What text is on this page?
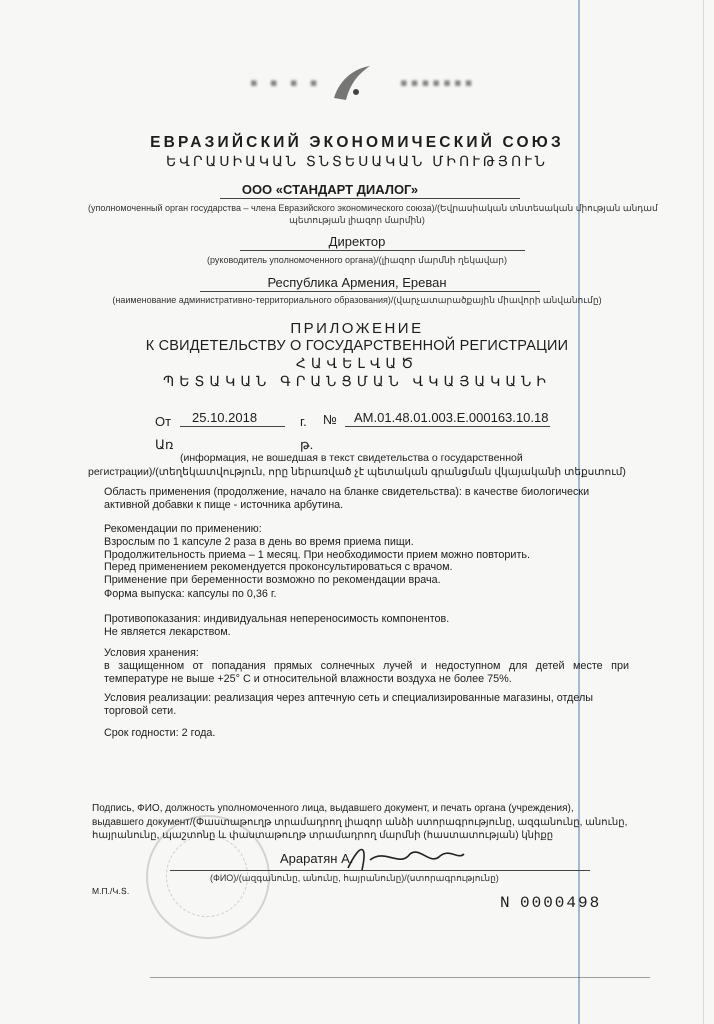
▪ ▪ ▪ ▪	▪▪▪▪▪▪▪
ЕВРАЗИЙСКИЙ ЭКОНОМИЧЕСКИЙ СОЮЗ
ԵՎՐԱՍԻԱԿԱՆ ՏՆՏԵՍԱԿԱՆ ՄԻՈՒԹՅՈՒՆ
ООО «СТАНДАРТ ДИАЛОГ»
(уполномоченный орган государства – члена Евразийского экономического союза)/(Եվրասիական տնտեսական միության անդամ
պետության լիազոր մարմին)
Директор
(руководитель уполномоченного органа)/(լիազոր մարմնի ղեկավար)
Республика Армения, Ереван
(наименование административно-территориального образования)/(վարչատարածքային միավորի անվանումը)
ПРИЛОЖЕНИЕ
К СВИДЕТЕЛЬСТВУ О ГОСУДАРСТВЕННОЙ РЕГИСТРАЦИИ
ՀԱՎԵԼՎԱԾ
ՊԵՏԱԿԱՆ ԳՐԱՆՑՄԱՆ ՎԿԱՅԱԿԱՆԻ
От 25.10.2018	г. № AM.01.48.01.003.E.000163.10.18
Առ	թ.
(информация, не вошедшая в текст свидетельства о государственной
регистрации)/(տեղեկատվություն, որը ներառված չէ պետական գրանցման վկայականի տեքստում)
Область применения (продолжение, начало на бланке свидетельства): в качестве биологически активной добавки к пище - источника арбутина.
Рекомендации по применению:
Взрослым по 1 капсуле 2 раза в день во время приема пищи.
Продолжительность приема – 1 месяц. При необходимости прием можно повторить.
Перед применением рекомендуется проконсультироваться с врачом.
Применение при беременности возможно по рекомендации врача.
Форма выпуска: капсулы по 0,36 г.
Противопоказания: индивидуальная непереносимость компонентов.
Не является лекарством.
Условия хранения:
в защищенном от попадания прямых солнечных лучей и недоступном для детей месте при температуре не выше +25° С и относительной влажности воздуха не более 75%.
Условия реализации: реализация через аптечную сеть и специализированные магазины, отделы торговой сети.
Срок годности: 2 года.
Подпись, ФИО, должность уполномоченного лица, выдавшего документ, и печать органа (учреждения),
выдавшего документ/(Փաստաթուղթ տրամադրող լիազոր անձի ստորագրությունը, ազգանունը, անունը,
հայրանունը, պաշտոնը և փաստաթուղթ տրամադրող մարմնի (հաստատության) կնիքը
Араратян А.
М.П./Կ.Տ.
(ФИО)/(ազգանունը, անունը, հայրանունը)/(ստորագրությունը)
N 0000498
